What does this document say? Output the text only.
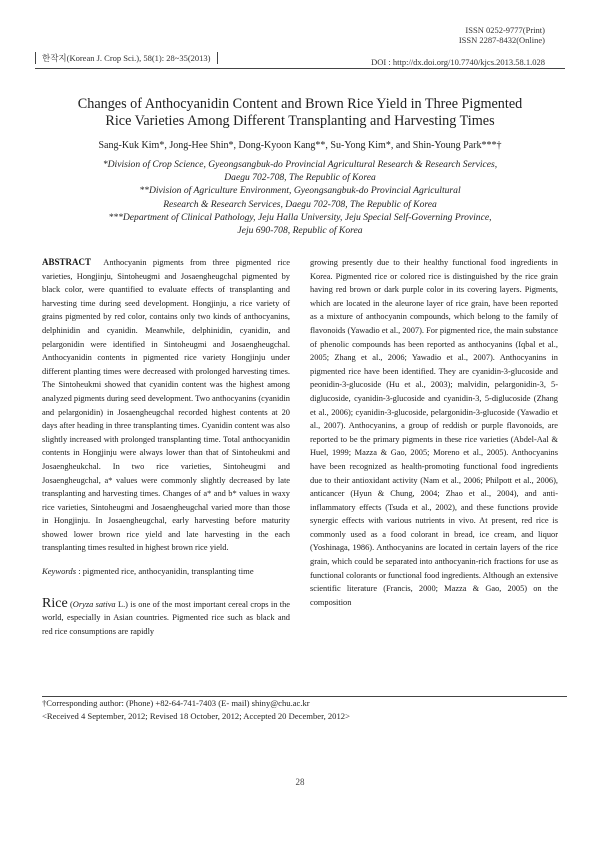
ISSN 0252-9777(Print)
ISSN 2287-8432(Online)
한작지(Korean J. Crop Sci.), 58(1): 28~35(2013)	DOI : http://dx.doi.org/10.7740/kjcs.2013.58.1.028
Changes of Anthocyanidin Content and Brown Rice Yield in Three Pigmented
Rice Varieties Among Different Transplanting and Harvesting Times
Sang-Kuk Kim*, Jong-Hee Shin*, Dong-Kyoon Kang**, Su-Yong Kim*, and Shin-Young Park***†
*Division of Crop Science, Gyeongsangbuk-do Provincial Agricultural Research & Research Services,
Daegu 702-708, The Republic of Korea
**Division of Agriculture Environment, Gyeongsangbuk-do Provincial Agricultural
Research & Research Services, Daegu 702-708, The Republic of Korea
***Department of Clinical Pathology, Jeju Halla University, Jeju Special Self-Governing Province,
Jeju 690-708, Republic of Korea

ABSTRACT Anthocyanin pigments from three pigmented rice varieties, Hongjinju, Sintoheugmi and Josaengheugchal pigmented by black color, were quantified to evaluate effects of transplanting and harvesting time during seed development. Hongjinju, a rice variety of grains pigmented by red color, contains only two kinds of anthocyanins, delphinidin and cyanidin. Meanwhile, delphinidin, cyanidin, and pelargonidin were identified in Sintoheugmi and Josaengheugchal. Anthocyanidin contents in pigmented rice variety Hongjinju under different planting times were decreased with prolonged harvesting times. The Sintoheukmi showed that cyanidin content was the highest among analyzed pigments during seed development. Two anthocyanins (cyanidin and pelargonidin) in Josaengheugchal recorded highest contents at 20 days after heading in three transplanting times. Cyanidin content was also slightly increased with prolonged transplanting time. Total anthocyanidin contents in Hongjinju were always lower than that of Sintoheukmi and Josaengheukchal. In two rice varieties, Sintoheugmi and Josaengheugchal, a* values were commonly slightly decreased by late transplanting and harvesting times. Changes of a* and b* values in waxy rice varieties, Sintoheugmi and Josaengheugchal varied more than those in Hongjinju. In Josaengheugchal, early harvesting before maturity showed lower brown rice yield and late harvesting in the each transplanting times resulted in highest brown rice yield.

Keywords : pigmented rice, anthocyanidin, transplanting time

Rice (Oryza sativa L.) is one of the most important cereal crops in the world, especially in Asian countries. Pigmented rice such as black and red rice consumptions are rapidly

growing presently due to their healthy functional food ingredients in Korea. Pigmented rice or colored rice is distinguished by the rice grain having red brown or dark purple color in its covering layers. Pigments, which are located in the aleurone layer of rice grain, have been reported as a mixture of anthocyanin compounds, which belong to the family of flavonoids (Yawadio et al., 2007). For pigmented rice, the main substance of phenolic compounds has been reported as anthocyanins (Iqbal et al., 2005; Zhang et al., 2006; Yawadio et al., 2007). Anthocyanins in pigmented rice have been identified. They are cyanidin-3-glucoside and peonidin-3-glucoside (Hu et al., 2003); malvidin, pelargonidin-3, 5-diglucoside, cyanidin-3-glucoside and cyanidin-3, 5-diglucoside (Zhang et al., 2006); cyanidin-3-glucoside, pelargonidin-3-glucoside (Yawadio et al., 2007). Anthocyanins, a group of reddish or purple flavonoids, are reported to be the primary pigments in these rice varieties (Abdel-Aal & Huel, 1999; Mazza & Gao, 2005; Moreno et al., 2005). Anthocyanins have been recognized as health-promoting functional food ingredients due to their antioxidant activity (Nam et al., 2006; Philpott et al., 2006), anticancer (Hyun & Chung, 2004; Zhao et al., 2004), and anti-inflammatory effects (Tsuda et al., 2002), and these functions provide synergic effects with various nutrients in vivo. At present, red rice is commonly used as a food colorant in bread, ice cream, and liquor (Yoshinaga, 1986). Anthocyanins are located in certain layers of the rice grain, which could be separated into anthocyanin-rich fractions for use as functional colorants or functional food ingredients. Although an extensive scientific literature (Francis, 2000; Mazza & Gao, 2005) on the composition

†Corresponding author: (Phone) +82-64-741-7403 (E- mail) shiny@chu.ac.kr
<Received 4 September, 2012; Revised 18 October, 2012; Accepted 20 December, 2012>
28
